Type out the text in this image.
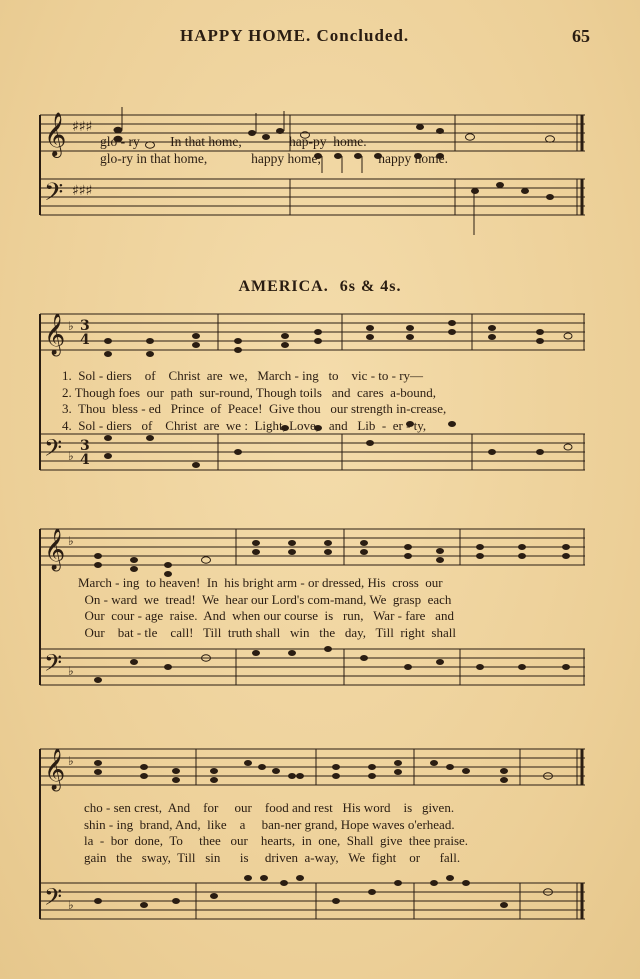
HAPPY HOME. Concluded.	65
𝄞
𝄢
♯♯♯
♯♯♯
glo - ry         In that home,              hap-py  home.
glo-ry in that home,             happy home,                 happy home.
AMERICA. 6s & 4s.
𝄞
𝄢
♭
♭
3
4
3
4
1.  Sol - diers    of    Christ  are  we,   March - ing   to    vic - to - ry—
2. Though foes  our  path  sur-round, Though toils   and  cares  a-bound,
3.  Thou  bless - ed   Prince  of  Peace!  Give thou   our strength in-crease,
4.  Sol - diers   of    Christ  are  we :  Light, Love,   and   Lib  -  er - ty,
𝄞
𝄢
♭
♭
March - ing  to heaven!  In  his bright arm - or dressed, His  cross  our
On - ward  we  tread!  We  hear our Lord's com-mand, We  grasp  each
Our  cour - age  raise.  And  when our course  is   run,   War - fare   and
Our    bat - tle    call!   Till  truth shall   win   the   day,   Till  right  shall
𝄞
𝄢
♭
♭
cho - sen crest,  And    for     our    food and rest   His word    is   given.
shin - ing  brand, And,  like    a     ban-ner grand, Hope waves o'erhead.
la  -  bor  done,  To     thee   our    hearts,  in  one,  Shall  give  thee praise.
gain   the   sway,  Till   sin      is     driven  a-way,   We  fight    or      fall.
